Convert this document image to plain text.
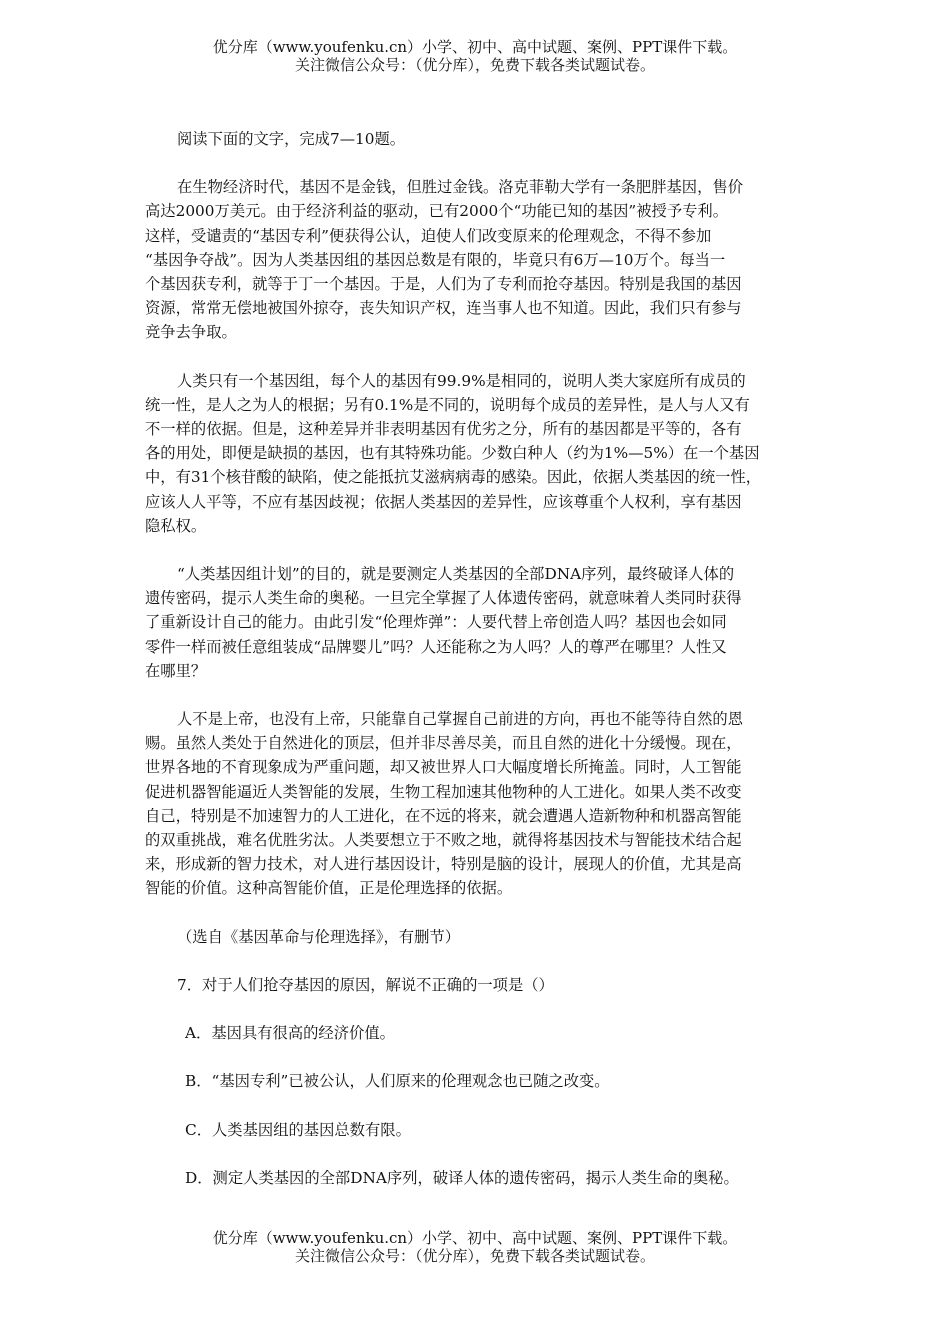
优分库（www.youfenku.cn）小学、初中、高中试题、案例、PPT课件下载。
关注微信公众号：（优分库），免费下载各类试题试卷。

阅读下面的文字，完成7—10题。

在生物经济时代，基因不是金钱，但胜过金钱。洛克菲勒大学有一条肥胖基因，售价
高达2000万美元。由于经济利益的驱动，已有2000个“功能已知的基因”被授予专利。
这样，受谴责的“基因专利”便获得公认，迫使人们改变原来的伦理观念，不得不参加
“基因争夺战”。因为人类基因组的基因总数是有限的，毕竟只有6万—10万个。每当一
个基因获专利，就等于丁一个基因。于是，人们为了专利而抢夺基因。特别是我国的基因
资源，常常无偿地被国外掠夺，丧失知识产权，连当事人也不知道。因此，我们只有参与
竞争去争取。
人类只有一个基因组，每个人的基因有99.9%是相同的，说明人类大家庭所有成员的
统一性，是人之为人的根据；另有0.1%是不同的，说明每个成员的差异性，是人与人又有
不一样的依据。但是，这种差异并非表明基因有优劣之分，所有的基因都是平等的，各有
各的用处，即便是缺损的基因，也有其特殊功能。少数白种人（约为1%—5%）在一个基因
中，有31个核苷酸的缺陷，使之能抵抗艾滋病病毒的感染。因此，依据人类基因的统一性，
应该人人平等，不应有基因歧视；依据人类基因的差异性，应该尊重个人权利，享有基因
隐私权。
“人类基因组计划”的目的，就是要测定人类基因的全部DNA序列，最终破译人体的
遗传密码，提示人类生命的奥秘。一旦完全掌握了人体遗传密码，就意味着人类同时获得
了重新设计自己的能力。由此引发“伦理炸弹”：人要代替上帝创造人吗？基因也会如同
零件一样而被任意组装成“品牌婴儿”吗？人还能称之为人吗？人的尊严在哪里？人性又
在哪里？
人不是上帝，也没有上帝，只能靠自己掌握自己前进的方向，再也不能等待自然的恩
赐。虽然人类处于自然进化的顶层，但并非尽善尽美，而且自然的进化十分缓慢。现在，
世界各地的不育现象成为严重问题，却又被世界人口大幅度增长所掩盖。同时，人工智能
促进机器智能逼近人类智能的发展，生物工程加速其他物种的人工进化。如果人类不改变
自己，特别是不加速智力的人工进化，在不远的将来，就会遭遇人造新物种和机器高智能
的双重挑战，难名优胜劣汰。人类要想立于不败之地，就得将基因技术与智能技术结合起
来，形成新的智力技术，对人进行基因设计，特别是脑的设计，展现人的价值，尤其是高
智能的价值。这种高智能价值，正是伦理选择的依据。

（选自《基因革命与伦理选择》，有删节）

7．对于人们抢夺基因的原因，解说不正确的一项是（）

A．基因具有很高的经济价值。

B．“基因专利”已被公认，人们原来的伦理观念也已随之改变。

C．人类基因组的基因总数有限。

D．测定人类基因的全部DNA序列，破译人体的遗传密码，揭示人类生命的奥秘。

优分库（www.youfenku.cn）小学、初中、高中试题、案例、PPT课件下载。
关注微信公众号：（优分库），免费下载各类试题试卷。
